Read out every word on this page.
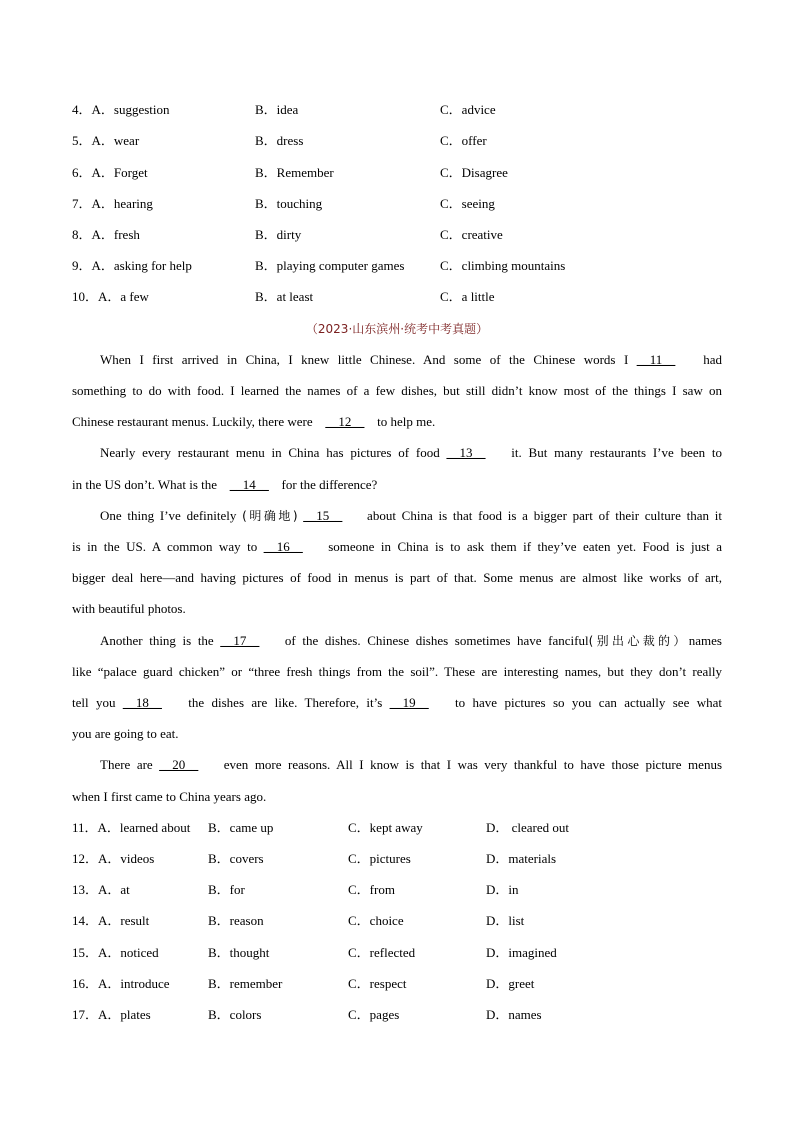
4．A．suggestion	B．idea	C．advice
5．A．wear	B．dress	C．offer
6．A．Forget	B．Remember	C．Disagree
7．A．hearing	B．touching	C．seeing
8．A．fresh	B．dirty	C．creative
9．A．asking for help	B．playing computer games	C．climbing mountains
10．A．a few	B．at least	C．a little
（2023·山东滨州·统考中考真题）
When I first arrived in China, I knew little Chinese. And some of the Chinese words I __11__ had
something to do with food. I learned the names of a few dishes, but still didn’t know most of the things I saw on
Chinese restaurant menus. Luckily, there were __12__ to help me.
Nearly every restaurant menu in China has pictures of food __13__ it. But many restaurants I’ve been to
in the US don’t. What is the __14__ for the difference?
One thing I’ve definitely (明确地) __15__ about China is that food is a bigger part of their culture than it
is in the US. A common way to __16__ someone in China is to ask them if they’ve eaten yet. Food is just a
bigger deal here—and having pictures of food in menus is part of that. Some menus are almost like works of art,
with beautiful photos.
Another thing is the __17__ of the dishes. Chinese dishes sometimes have fanciful(别出心裁的）names
like “palace guard chicken” or “three fresh things from the soil”. These are interesting names, but they don’t really
tell you __18__ the dishes are like. Therefore, it’s __19__ to have pictures so you can actually see what
you are going to eat.
There are __20__ even more reasons. All I know is that I was very thankful to have those picture menus
when I first came to China years ago.
11．A．learned about B．came up	C．kept away	D． cleared out
12．A．videos	B．covers	C．pictures	D．materials
13．A．at	B．for	C．from	D．in
14．A．result	B．reason	C．choice	D．list
15．A．noticed	B．thought	C．reflected	D．imagined
16．A．introduce	B．remember	C．respect	D．greet
17．A．plates	B．colors	C．pages	D．names
